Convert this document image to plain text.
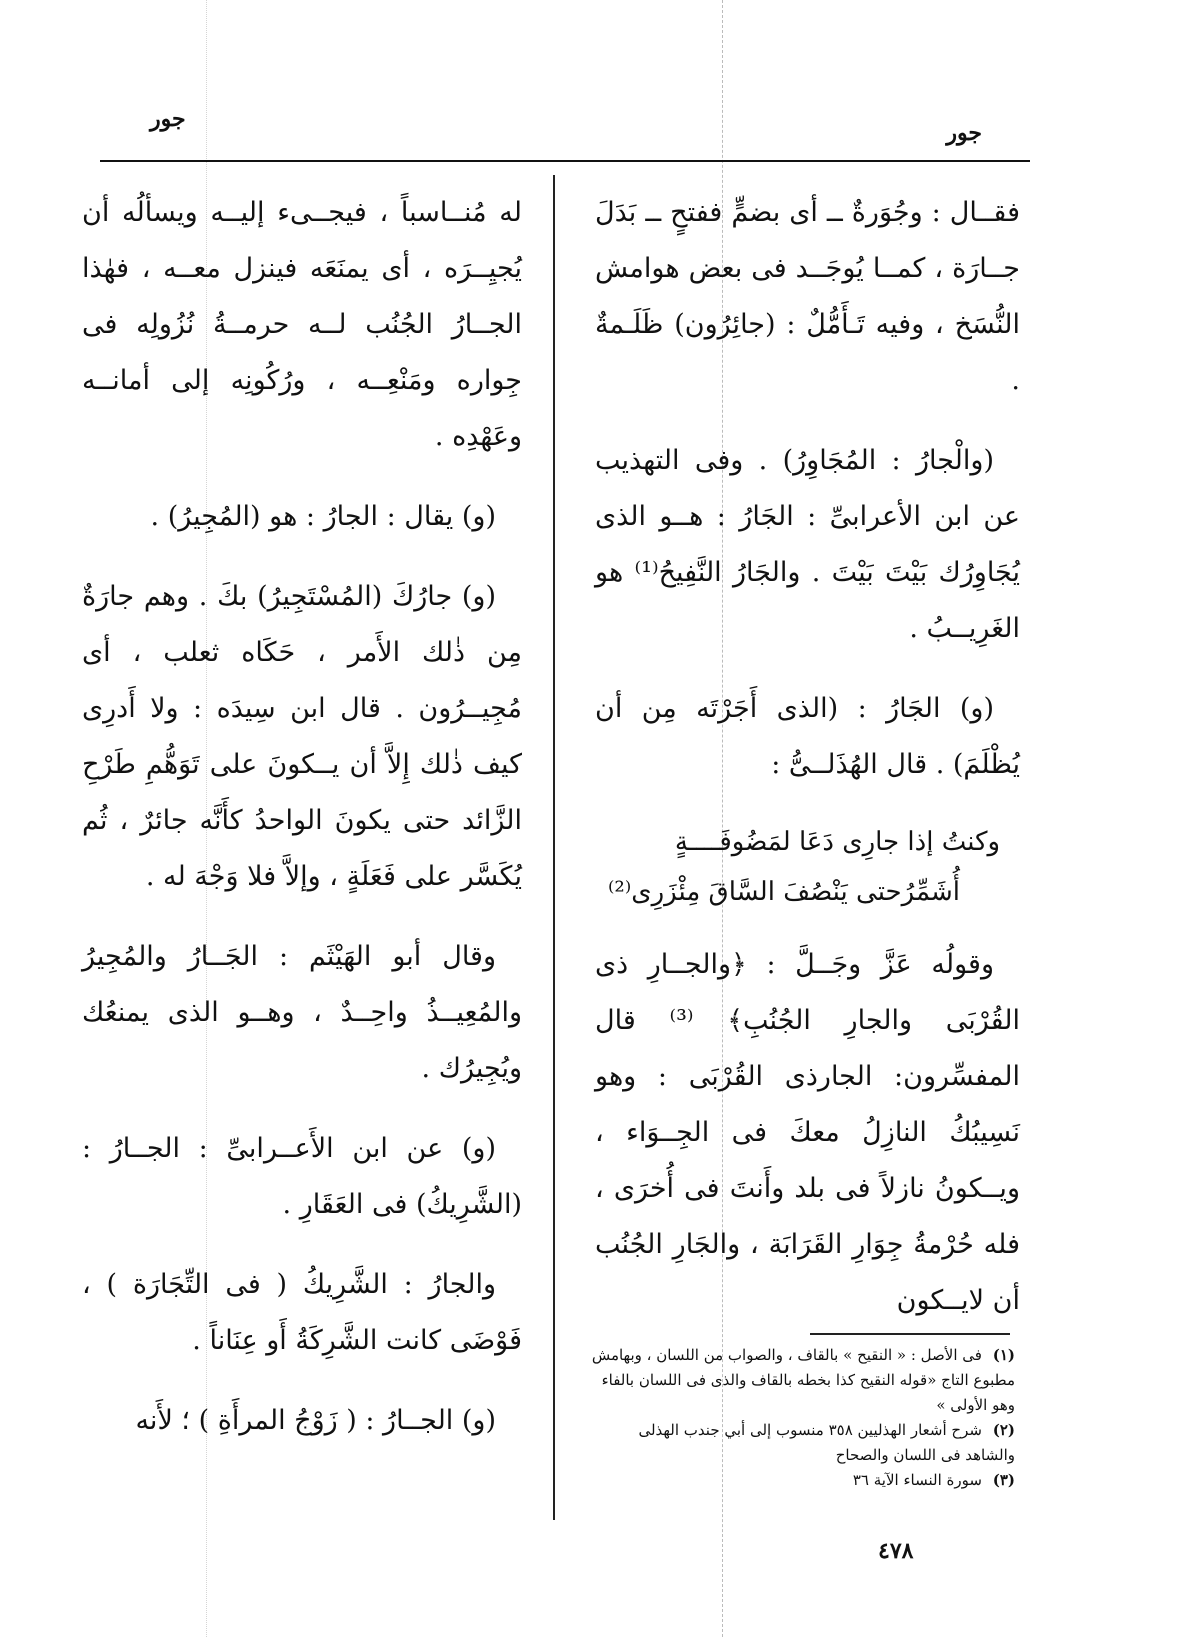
جور
جور

فقــال : وجُوَرةٌ ــ أى بضمٍّ ففتحٍ ــ بَدَلَ جــارَة ، كمــا يُوجَــد فى بعض هوامش النُّسَخ ، وفيه تَـأَمُّلٌ : (جائِرُون) ظَلَـمةٌ .

(والْجارُ : المُجَاوِرُ) . وفى التهذيب عن ابن الأعرابىِّ : الجَارُ : هــو الذى يُجَاوِرُك بَيْتَ بَيْتَ . والجَارُ النَّفِيحُ⁽¹⁾ هو الغَرِيــبُ .

(و) الجَارُ : (الذى أَجَرْتَه مِن أن يُظْلَمَ) . قال الهُذَلــىُّ :

وكنتُ إذا جارِى دَعَا لمَضُوفَــــةٍ
أُشَمِّرُحتى يَنْصُفَ السَّاقَ مِئْزَرِى⁽²⁾

وقولُه عَزَّ وجَــلَّ : ﴿والجــارِ ذى القُرْبَى والجارِ الجُنُبِ﴾ ⁽³⁾ قال المفسِّرون: الجارذى القُرْبَى : وهو نَسِيبُكُ النازِلُ معكَ فى الجِــوَاء ، ويــكونُ نازلاً فى بلد وأَنتَ فى أُخرَى ، فله حُرْمةُ جِوَارِ القَرَابَة ، والجَارِ الجُنُب أن لايــكون

له مُنــاسباً ، فيجــىء إليــه ويسألُه أن يُجيِــرَه ، أى يمنَعَه فينزل معــه ، فهٰذا الجــارُ الجُنُب لــه حرمــةُ نُزُولِه فى جِواره ومَنْعِــه ، ورُكُونِه إلى أمانــه وعَهْدِه .

(و) يقال : الجارُ : هو (المُجِيرُ) .

(و) جارُكَ (المُسْتَجِيرُ) بكَ . وهم جارَةٌ مِن ذٰلك الأَمر ، حَكَاه ثعلب ، أى مُجِيــرُون . قال ابن سِيدَه : ولا أَدرِى كيف ذٰلك إِلاَّ أن يــكونَ على تَوَهُّمِ طَرْحِ الزَّائد حتى يكونَ الواحدُ كأَنَّه جائرٌ ، ثُم يُكَسَّر على فَعَلَةٍ ، وإلاَّ فلا وَجْهَ له .

وقال أبو الهَيْثَم : الجَــارُ والمُجِيرُ والمُعِيــذُ واحِــدٌ ، وهــو الذى يمنعُك ويُجِيرُك .

(و) عن ابن الأَعــرابىِّ : الجــارُ : (الشَّرِيكُ) فى العَقَارِ .

والجارُ : الشَّرِيكُ ( فى التِّجَارَة ) ، فَوْضَى كانت الشَّرِكَةُ أَو عِنَاناً .

(و) الجــارُ : ( زَوْجُ المرأَةِ ) ؛ لأَنه

(١) فى الأصل : « النقيح » بالقاف ، والصواب من اللسان ، وبهامش مطبوع التاج «قوله النقيح كذا بخطه بالقاف والذى فى اللسان بالفاء وهو الأولى »

(٢) شرح أشعار الهذليين ٣٥٨ منسوب إلى أبي جندب الهذلى والشاهد فى اللسان والصحاح

(٣) سورة النساء الآية ٣٦

٤٧٨
